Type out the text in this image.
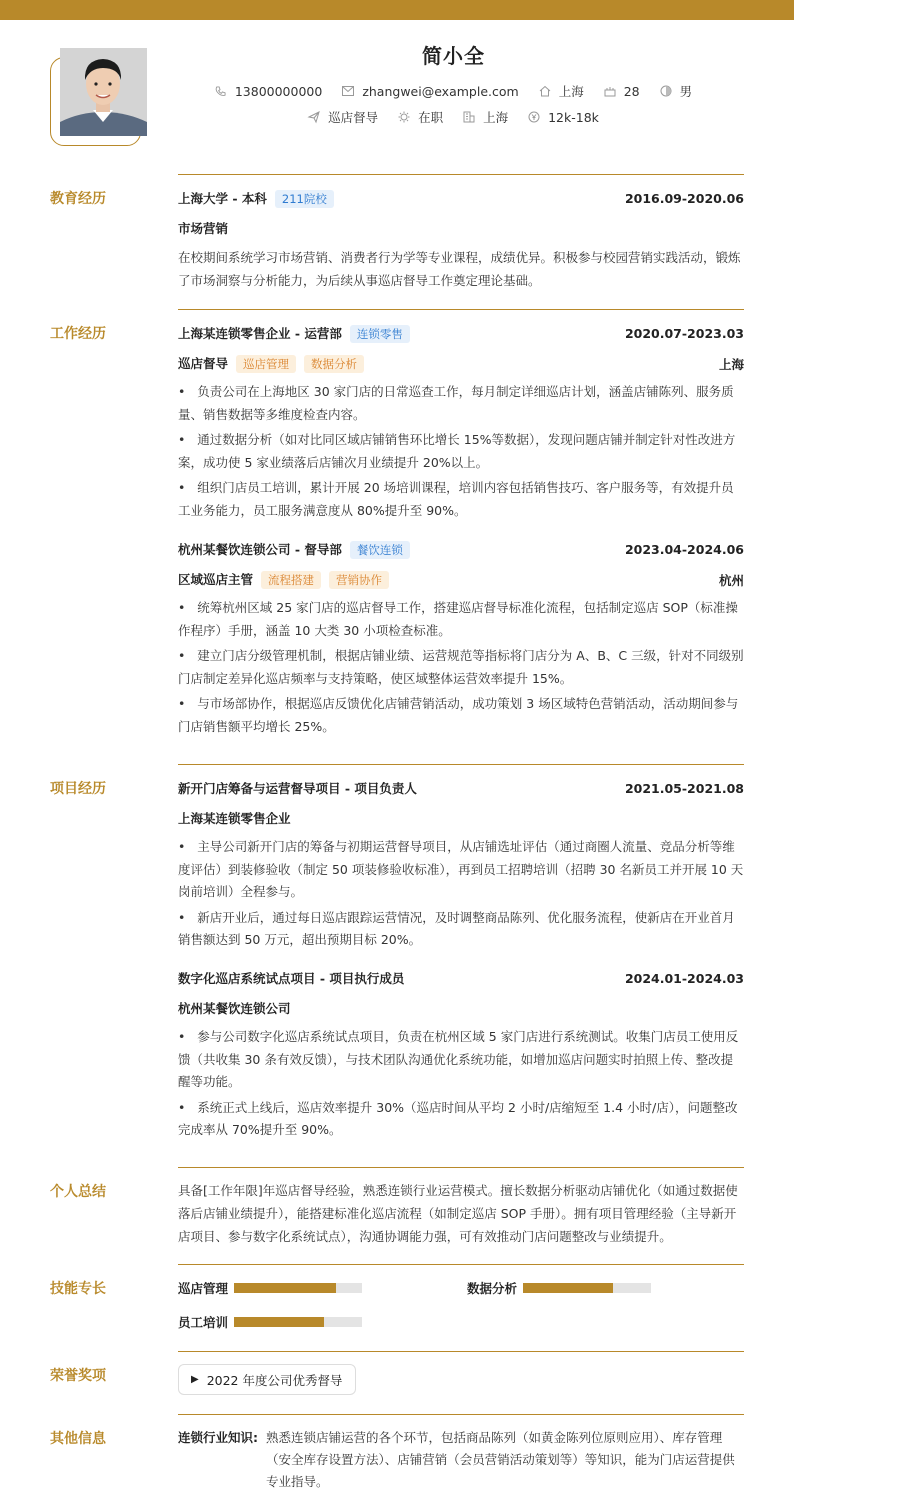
简小全
13800000000	zhangwei@example.com	上海	28	男
巡店督导	在职	上海	12k-18k
教育经历	上海大学 - 本科 211院校	2016.09-2020.06
市场营销
在校期间系统学习市场营销、消费者行为学等专业课程，成绩优异。积极参与校园营销实践活动，锻炼了市场洞察与分析能力，为后续从事巡店督导工作奠定理论基础。
工作经历	上海某连锁零售企业 - 运营部 连锁零售	2020.07-2023.03
巡店督导 巡店管理 数据分析	上海
•   负责公司在上海地区 30 家门店的日常巡查工作，每月制定详细巡店计划，涵盖店铺陈列、服务质量、销售数据等多维度检查内容。
•   通过数据分析（如对比同区域店铺销售环比增长 15%等数据），发现问题店铺并制定针对性改进方案，成功使 5 家业绩落后店铺次月业绩提升 20%以上。
•   组织门店员工培训，累计开展 20 场培训课程，培训内容包括销售技巧、客户服务等，有效提升员工业务能力，员工服务满意度从 80%提升至 90%。
杭州某餐饮连锁公司 - 督导部 餐饮连锁	2023.04-2024.06
区域巡店主管 流程搭建 营销协作	杭州
•   统筹杭州区域 25 家门店的巡店督导工作，搭建巡店督导标准化流程，包括制定巡店 SOP（标准操作程序）手册，涵盖 10 大类 30 小项检查标准。
•   建立门店分级管理机制，根据店铺业绩、运营规范等指标将门店分为 A、B、C 三级，针对不同级别门店制定差异化巡店频率与支持策略，使区域整体运营效率提升 15%。
•   与市场部协作，根据巡店反馈优化店铺营销活动，成功策划 3 场区域特色营销活动，活动期间参与门店销售额平均增长 25%。
项目经历	新开门店筹备与运营督导项目 - 项目负责人	2021.05-2021.08
上海某连锁零售企业
•   主导公司新开门店的筹备与初期运营督导项目，从店铺选址评估（通过商圈人流量、竞品分析等维度评估）到装修验收（制定 50 项装修验收标准），再到员工招聘培训（招聘 30 名新员工并开展 10 天岗前培训）全程参与。
•   新店开业后，通过每日巡店跟踪运营情况，及时调整商品陈列、优化服务流程，使新店在开业首月销售额达到 50 万元，超出预期目标 20%。
数字化巡店系统试点项目 - 项目执行成员	2024.01-2024.03
杭州某餐饮连锁公司
•   参与公司数字化巡店系统试点项目，负责在杭州区域 5 家门店进行系统测试。收集门店员工使用反馈（共收集 30 条有效反馈），与技术团队沟通优化系统功能，如增加巡店问题实时拍照上传、整改提醒等功能。
•   系统正式上线后，巡店效率提升 30%（巡店时间从平均 2 小时/店缩短至 1.4 小时/店），问题整改完成率从 70%提升至 90%。
个人总结	具备[工作年限]年巡店督导经验，熟悉连锁行业运营模式。擅长数据分析驱动店铺优化（如通过数据使落后店铺业绩提升），能搭建标准化巡店流程（如制定巡店 SOP 手册）。拥有项目管理经验（主导新开店项目、参与数字化系统试点），沟通协调能力强，可有效推动门店问题整改与业绩提升。
技能专长	巡店管理	数据分析
员工培训
荣誉奖项	▶ 2022 年度公司优秀督导
其他信息	连锁行业知识: 熟悉连锁店铺运营的各个环节，包括商品陈列（如黄金陈列位原则应用）、库存管理（安全库存设置方法）、店铺营销（会员营销活动策划等）等知识，能为门店运营提供专业指导。
